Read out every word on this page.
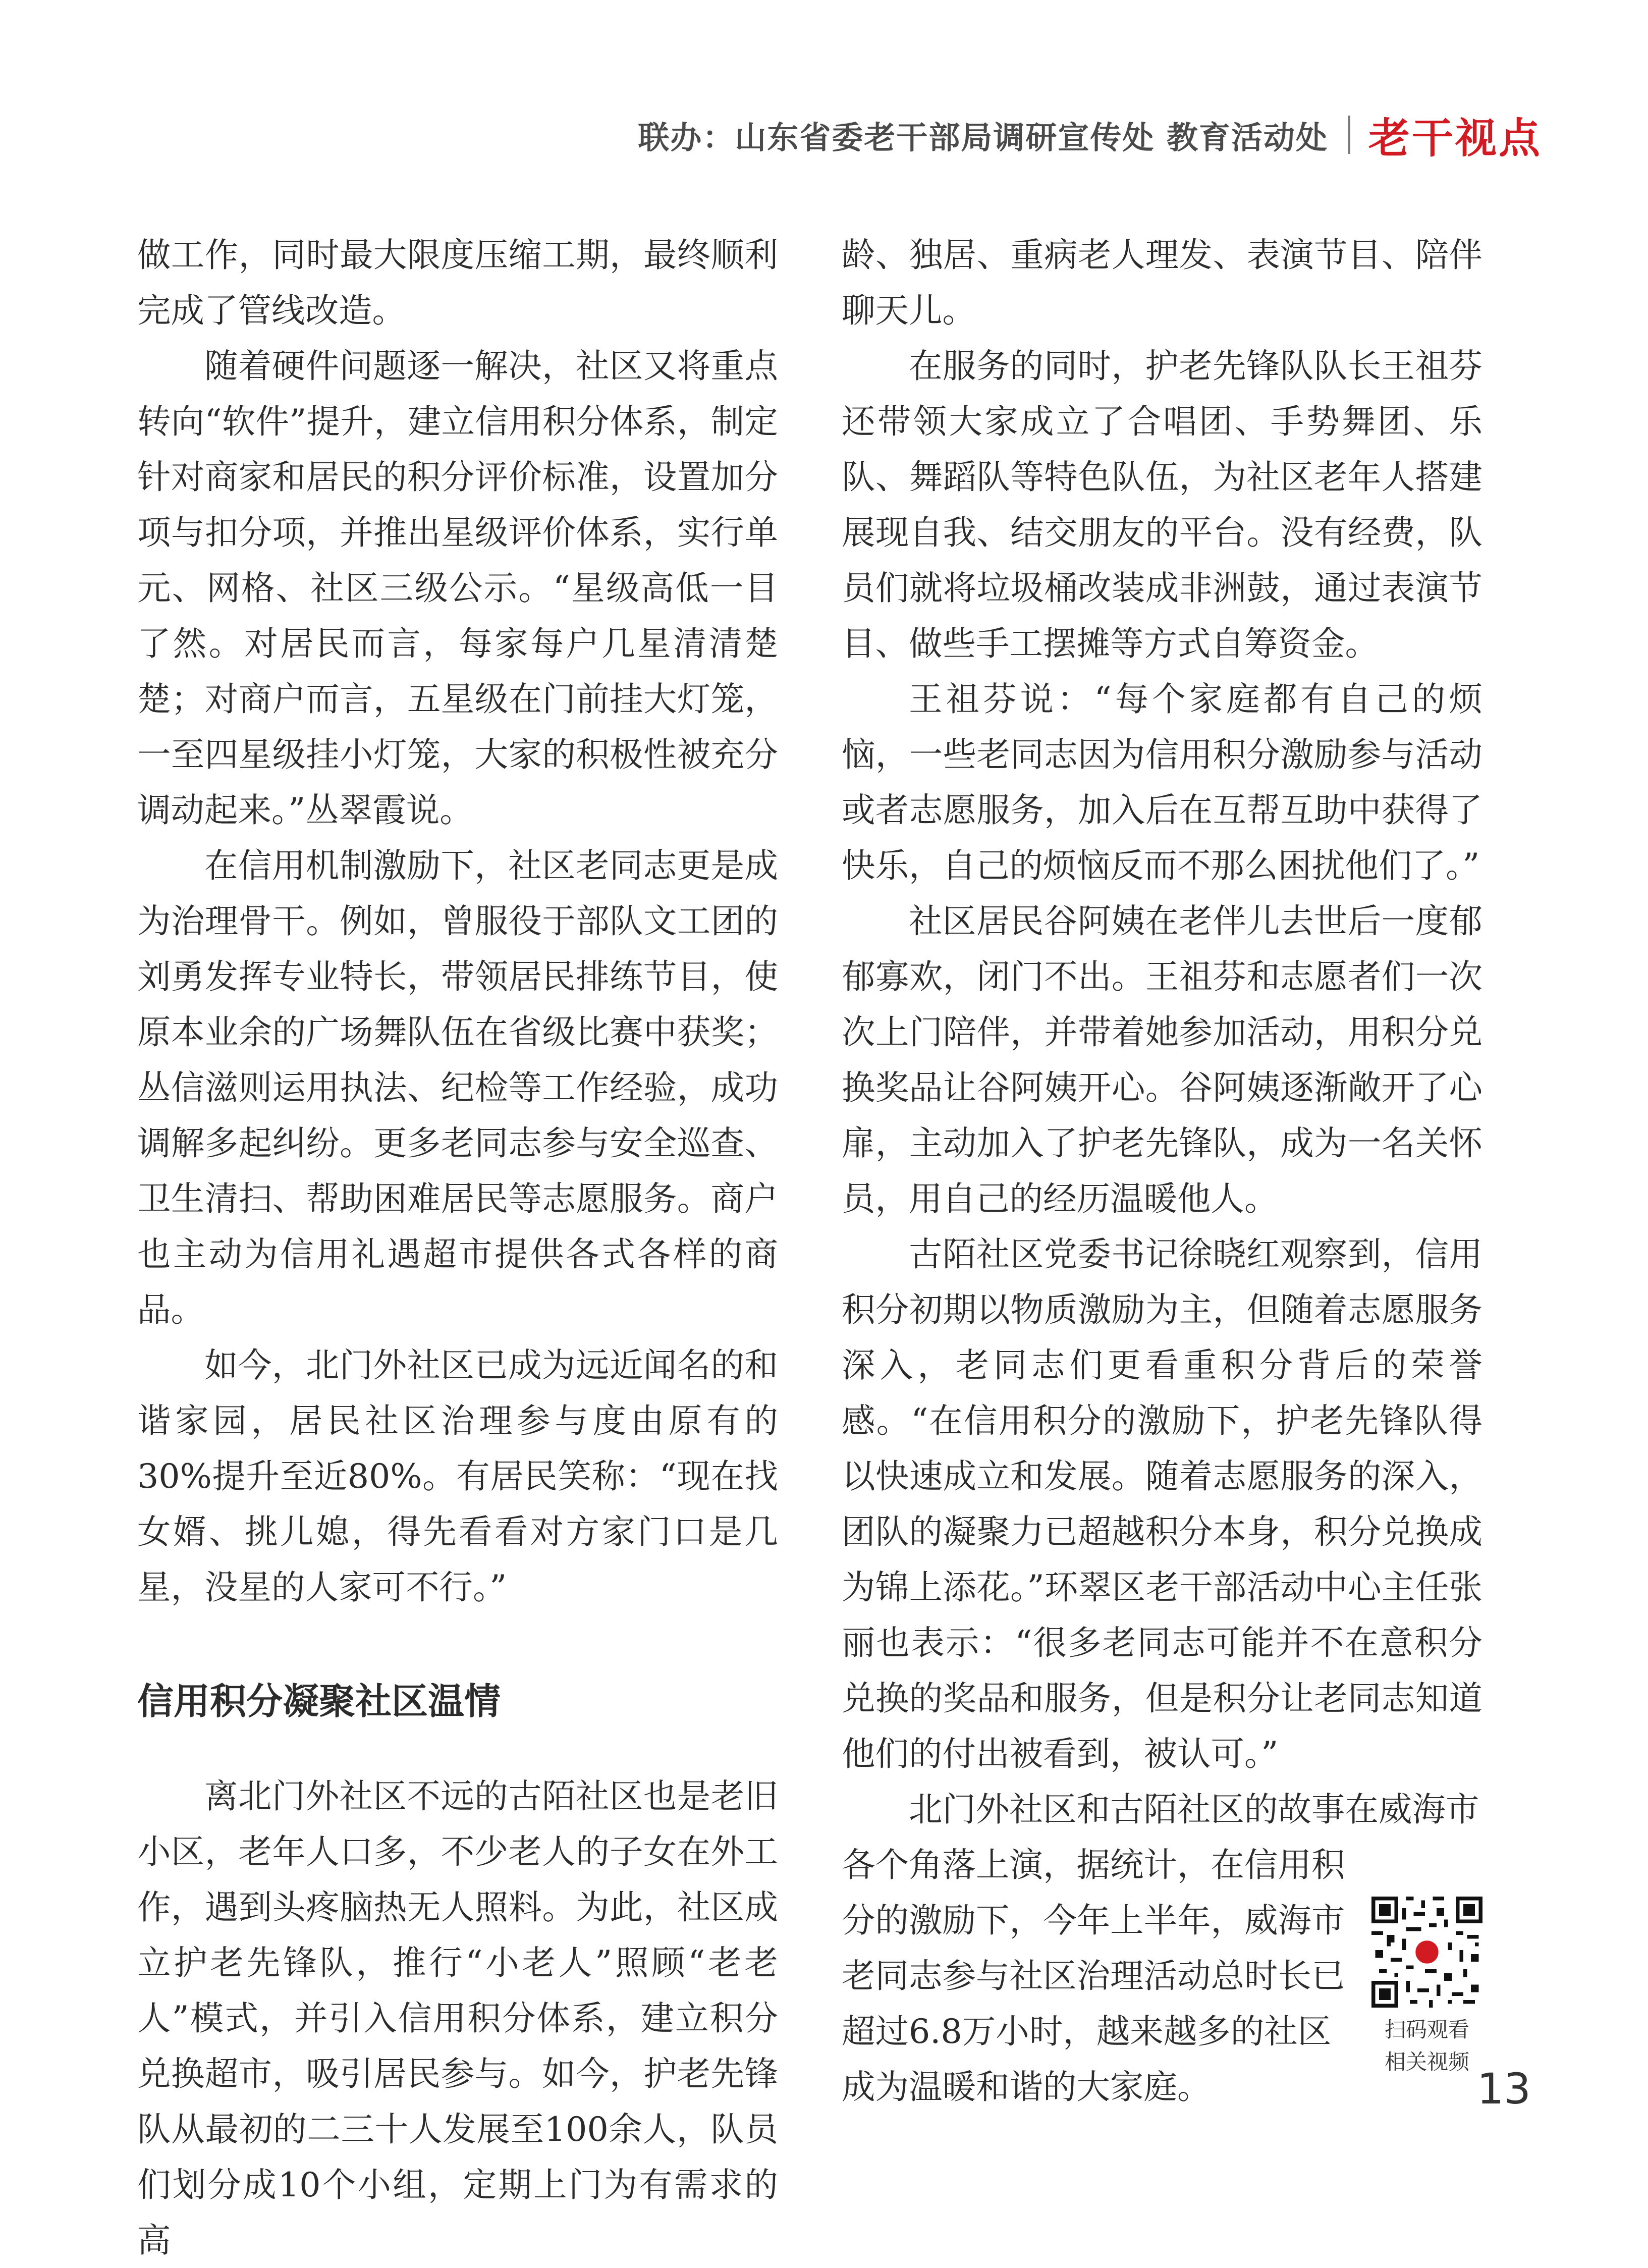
联办：山东省委老干部局调研宣传处 教育活动处 老干视点

做工作，同时最大限度压缩工期，最终顺利完成了管线改造。

随着硬件问题逐一解决，社区又将重点转向“软件”提升，建立信用积分体系，制定针对商家和居民的积分评价标准，设置加分项与扣分项，并推出星级评价体系，实行单元、网格、社区三级公示。“星级高低一目了然。对居民而言，每家每户几星清清楚楚；对商户而言，五星级在门前挂大灯笼，一至四星级挂小灯笼，大家的积极性被充分调动起来。”丛翠霞说。

在信用机制激励下，社区老同志更是成为治理骨干。例如，曾服役于部队文工团的刘勇发挥专业特长，带领居民排练节目，使原本业余的广场舞队伍在省级比赛中获奖；丛信滋则运用执法、纪检等工作经验，成功调解多起纠纷。更多老同志参与安全巡查、卫生清扫、帮助困难居民等志愿服务。商户也主动为信用礼遇超市提供各式各样的商品。

如今，北门外社区已成为远近闻名的和谐家园，居民社区治理参与度由原有的30%提升至近80%。有居民笑称：“现在找女婿、挑儿媳，得先看看对方家门口是几星，没星的人家可不行。”

信用积分凝聚社区温情

离北门外社区不远的古陌社区也是老旧小区，老年人口多，不少老人的子女在外工作，遇到头疼脑热无人照料。为此，社区成立护老先锋队，推行“小老人”照顾“老老人”模式，并引入信用积分体系，建立积分兑换超市，吸引居民参与。如今，护老先锋队从最初的二三十人发展至100余人，队员们划分成10个小组，定期上门为有需求的高

龄、独居、重病老人理发、表演节目、陪伴聊天儿。

在服务的同时，护老先锋队队长王祖芬还带领大家成立了合唱团、手势舞团、乐队、舞蹈队等特色队伍，为社区老年人搭建展现自我、结交朋友的平台。没有经费，队员们就将垃圾桶改装成非洲鼓，通过表演节目、做些手工摆摊等方式自筹资金。

王祖芬说：“每个家庭都有自己的烦恼，一些老同志因为信用积分激励参与活动或者志愿服务，加入后在互帮互助中获得了快乐，自己的烦恼反而不那么困扰他们了。”

社区居民谷阿姨在老伴儿去世后一度郁郁寡欢，闭门不出。王祖芬和志愿者们一次次上门陪伴，并带着她参加活动，用积分兑换奖品让谷阿姨开心。谷阿姨逐渐敞开了心扉，主动加入了护老先锋队，成为一名关怀员，用自己的经历温暖他人。

古陌社区党委书记徐晓红观察到，信用积分初期以物质激励为主，但随着志愿服务深入，老同志们更看重积分背后的荣誉感。“在信用积分的激励下，护老先锋队得以快速成立和发展。随着志愿服务的深入，团队的凝聚力已超越积分本身，积分兑换成为锦上添花。”环翠区老干部活动中心主任张丽也表示：“很多老同志可能并不在意积分兑换的奖品和服务，但是积分让老同志知道他们的付出被看到，被认可。”

北门外社区和古陌社区的故事在威海市
各个角落上演，据统计，在信用积
分的激励下，今年上半年，威海市
老同志参与社区治理活动总时长已
超过6.8万小时，越来越多的社区
成为温暖和谐的大家庭。
扫码观看
相关视频
13
